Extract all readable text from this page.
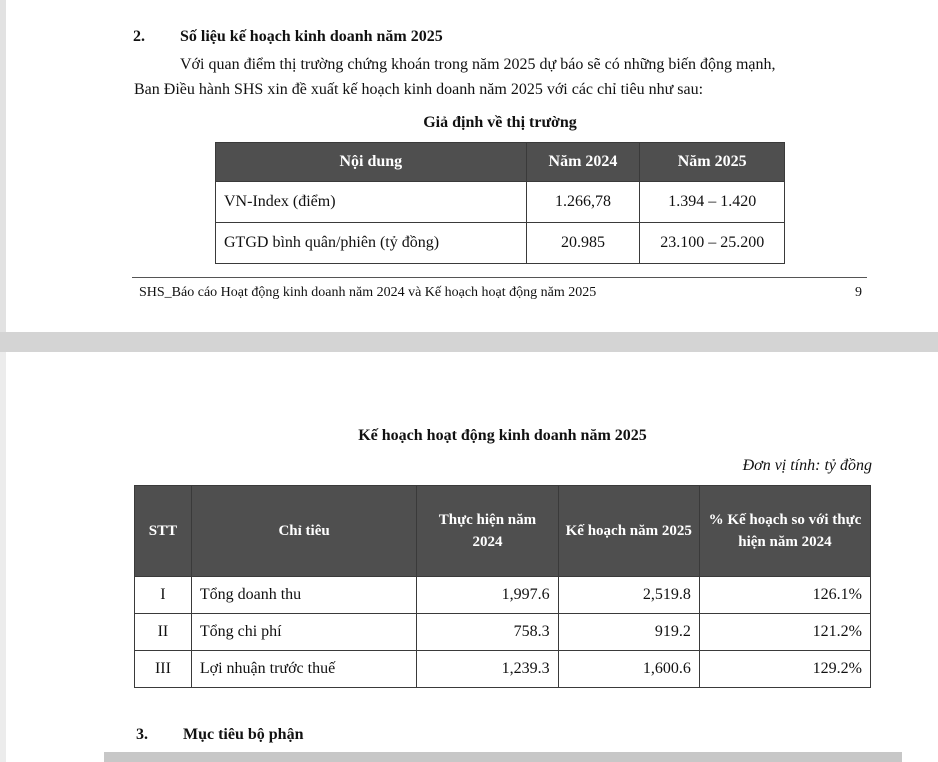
2. Số liệu kế hoạch kinh doanh năm 2025
Với quan điểm thị trường chứng khoán trong năm 2025 dự báo sẽ có những biến động mạnh,
Ban Điều hành SHS xin đề xuất kế hoạch kinh doanh năm 2025 với các chỉ tiêu như sau:
Giả định về thị trường
Nội dung	Năm 2024	Năm 2025
VN-Index (điểm)	1.266,78	1.394 – 1.420
GTGD bình quân/phiên (tỷ đồng)	20.985	23.100 – 25.200
SHS_Báo cáo Hoạt động kinh doanh năm 2024 và Kế hoạch hoạt động năm 2025	9
Kế hoạch hoạt động kinh doanh năm 2025
Đơn vị tính: tỷ đồng
STT	Chỉ tiêu	Thực hiện năm 2024	Kế hoạch năm 2025	% Kế hoạch so với thực hiện năm 2024
I	Tổng doanh thu	1,997.6	2,519.8	126.1%
II	Tổng chi phí	758.3	919.2	121.2%
III	Lợi nhuận trước thuế	1,239.3	1,600.6	129.2%
3. Mục tiêu bộ phận
